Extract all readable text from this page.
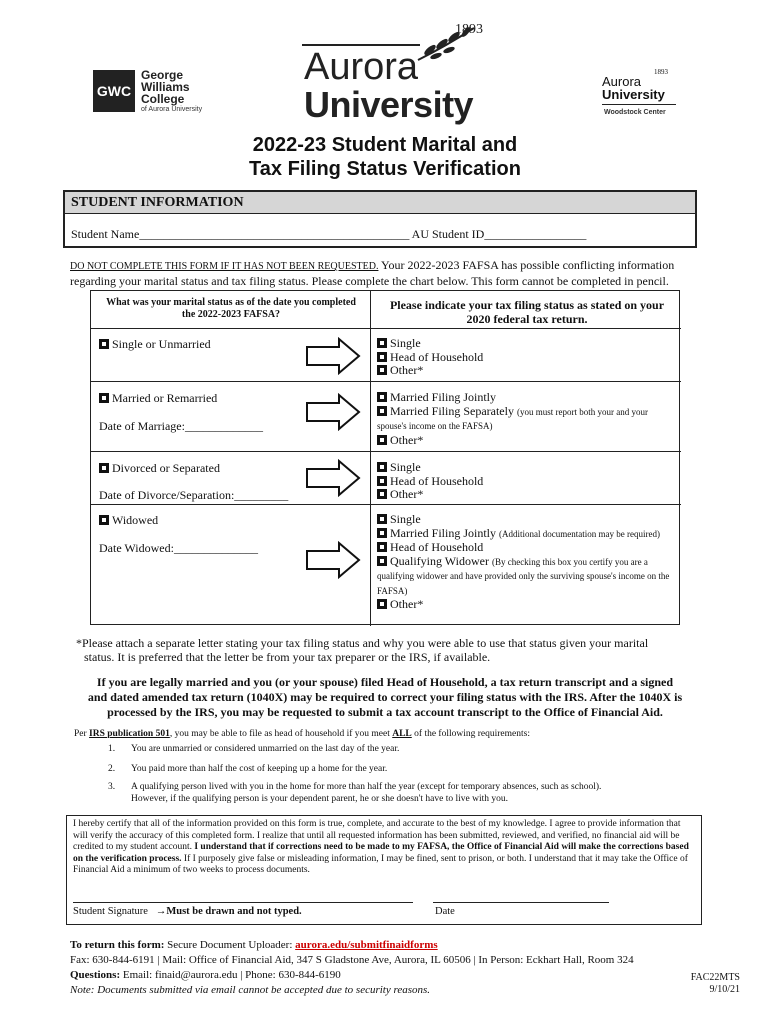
GWC
George
Williams
College
of Aurora University
1893
Aurora
University
1893
Aurora
University
Woodstock Center
2022-23 Student Marital and
Tax Filing Status Verification
STUDENT INFORMATION
Student Name_____________________________________________ AU Student ID_________________
DO NOT COMPLETE THIS FORM IF IT HAS NOT BEEN REQUESTED. Your 2022-2023 FAFSA has possible conflicting information
regarding your marital status and tax filing status. Please complete the chart below. This form cannot be completed in pencil.
What was your marital status as of the date you completed the 2022-2023 FAFSA?
Please indicate your tax filing status as stated on your 2020 federal tax return.
Single or Unmarried	Single
Head of Household
Other*
Married or Remarried
Date of Marriage:_____________
Married Filing Jointly
Married Filing Separately (you must report both your and your spouse's income on the FAFSA)
Other*
Divorced or Separated
Date of Divorce/Separation:_________
Single
Head of Household
Other*
Widowed
Date Widowed:______________
Single
Married Filing Jointly (Additional documentation may be required)
Head of Household
Qualifying Widower (By checking this box you certify you are a qualifying widower and have provided only the surviving spouse's income on the FAFSA)
Other*
*Please attach a separate letter stating your tax filing status and why you were able to use that status given your marital
status. It is preferred that the letter be from your tax preparer or the IRS, if available.
If you are legally married and you (or your spouse) filed Head of Household, a tax return transcript and a signed
and dated amended tax return (1040X) may be required to correct your filing status with the IRS. After the 1040X is
processed by the IRS, you may be requested to submit a tax account transcript to the Office of Financial Aid.
Per IRS publication 501, you may be able to file as head of household if you meet ALL of the following requirements:
1. You are unmarried or considered unmarried on the last day of the year.
2. You paid more than half the cost of keeping up a home for the year.
3. A qualifying person lived with you in the home for more than half the year (except for temporary absences, such as school).
However, if the qualifying person is your dependent parent, he or she doesn't have to live with you.
I hereby certify that all of the information provided on this form is true, complete, and accurate to the best of my knowledge. I agree to provide information that will verify the accuracy of this completed form. I realize that until all requested information has been submitted, reviewed, and verified, no financial aid will be credited to my student account. I understand that if corrections need to be made to my FAFSA, the Office of Financial Aid will make the corrections based on the verification process. If I purposely give false or misleading information, I may be fined, sent to prison, or both. I understand that it may take the Office of Financial Aid a minimum of two weeks to process documents.
Student Signature →Must be drawn and not typed.	Date
To return this form: Secure Document Uploader: aurora.edu/submitfinaidforms
Fax: 630-844-6191 | Mail: Office of Financial Aid, 347 S Gladstone Ave, Aurora, IL 60506 | In Person: Eckhart Hall, Room 324
Questions: Email: finaid@aurora.edu | Phone: 630-844-6190
Note: Documents submitted via email cannot be accepted due to security reasons.
FAC22MTS
9/10/21
